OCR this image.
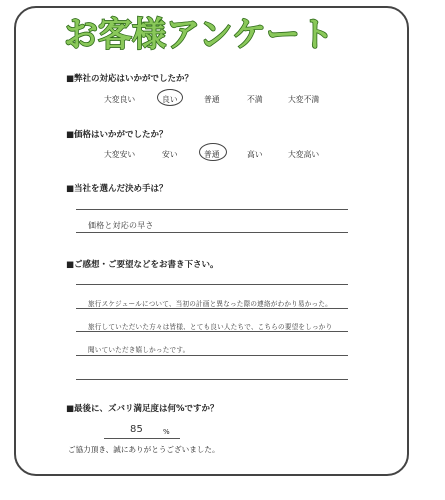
お客様アンケート
■弊社の対応はいかがでしたか？
大変良い	良い	普通	不満	大変不満
■価格はいかがでしたか？
大変安い	安い	普通	高い	大変高い
■当社を選んだ決め手は？
価格と対応の早さ
■ご感想・ご要望などをお書き下さい。
旅行スケジュールについて、当初の計画と異なった際の連絡がわかり易かった。
旅行していただいた方々は皆様、とても良い人たちで、こちらの要望をしっかり
聞いていただき嬉しかったです。
■最後に、ズバリ満足度は何%ですか？
85	%
ご協力頂き、誠にありがとうございました。
